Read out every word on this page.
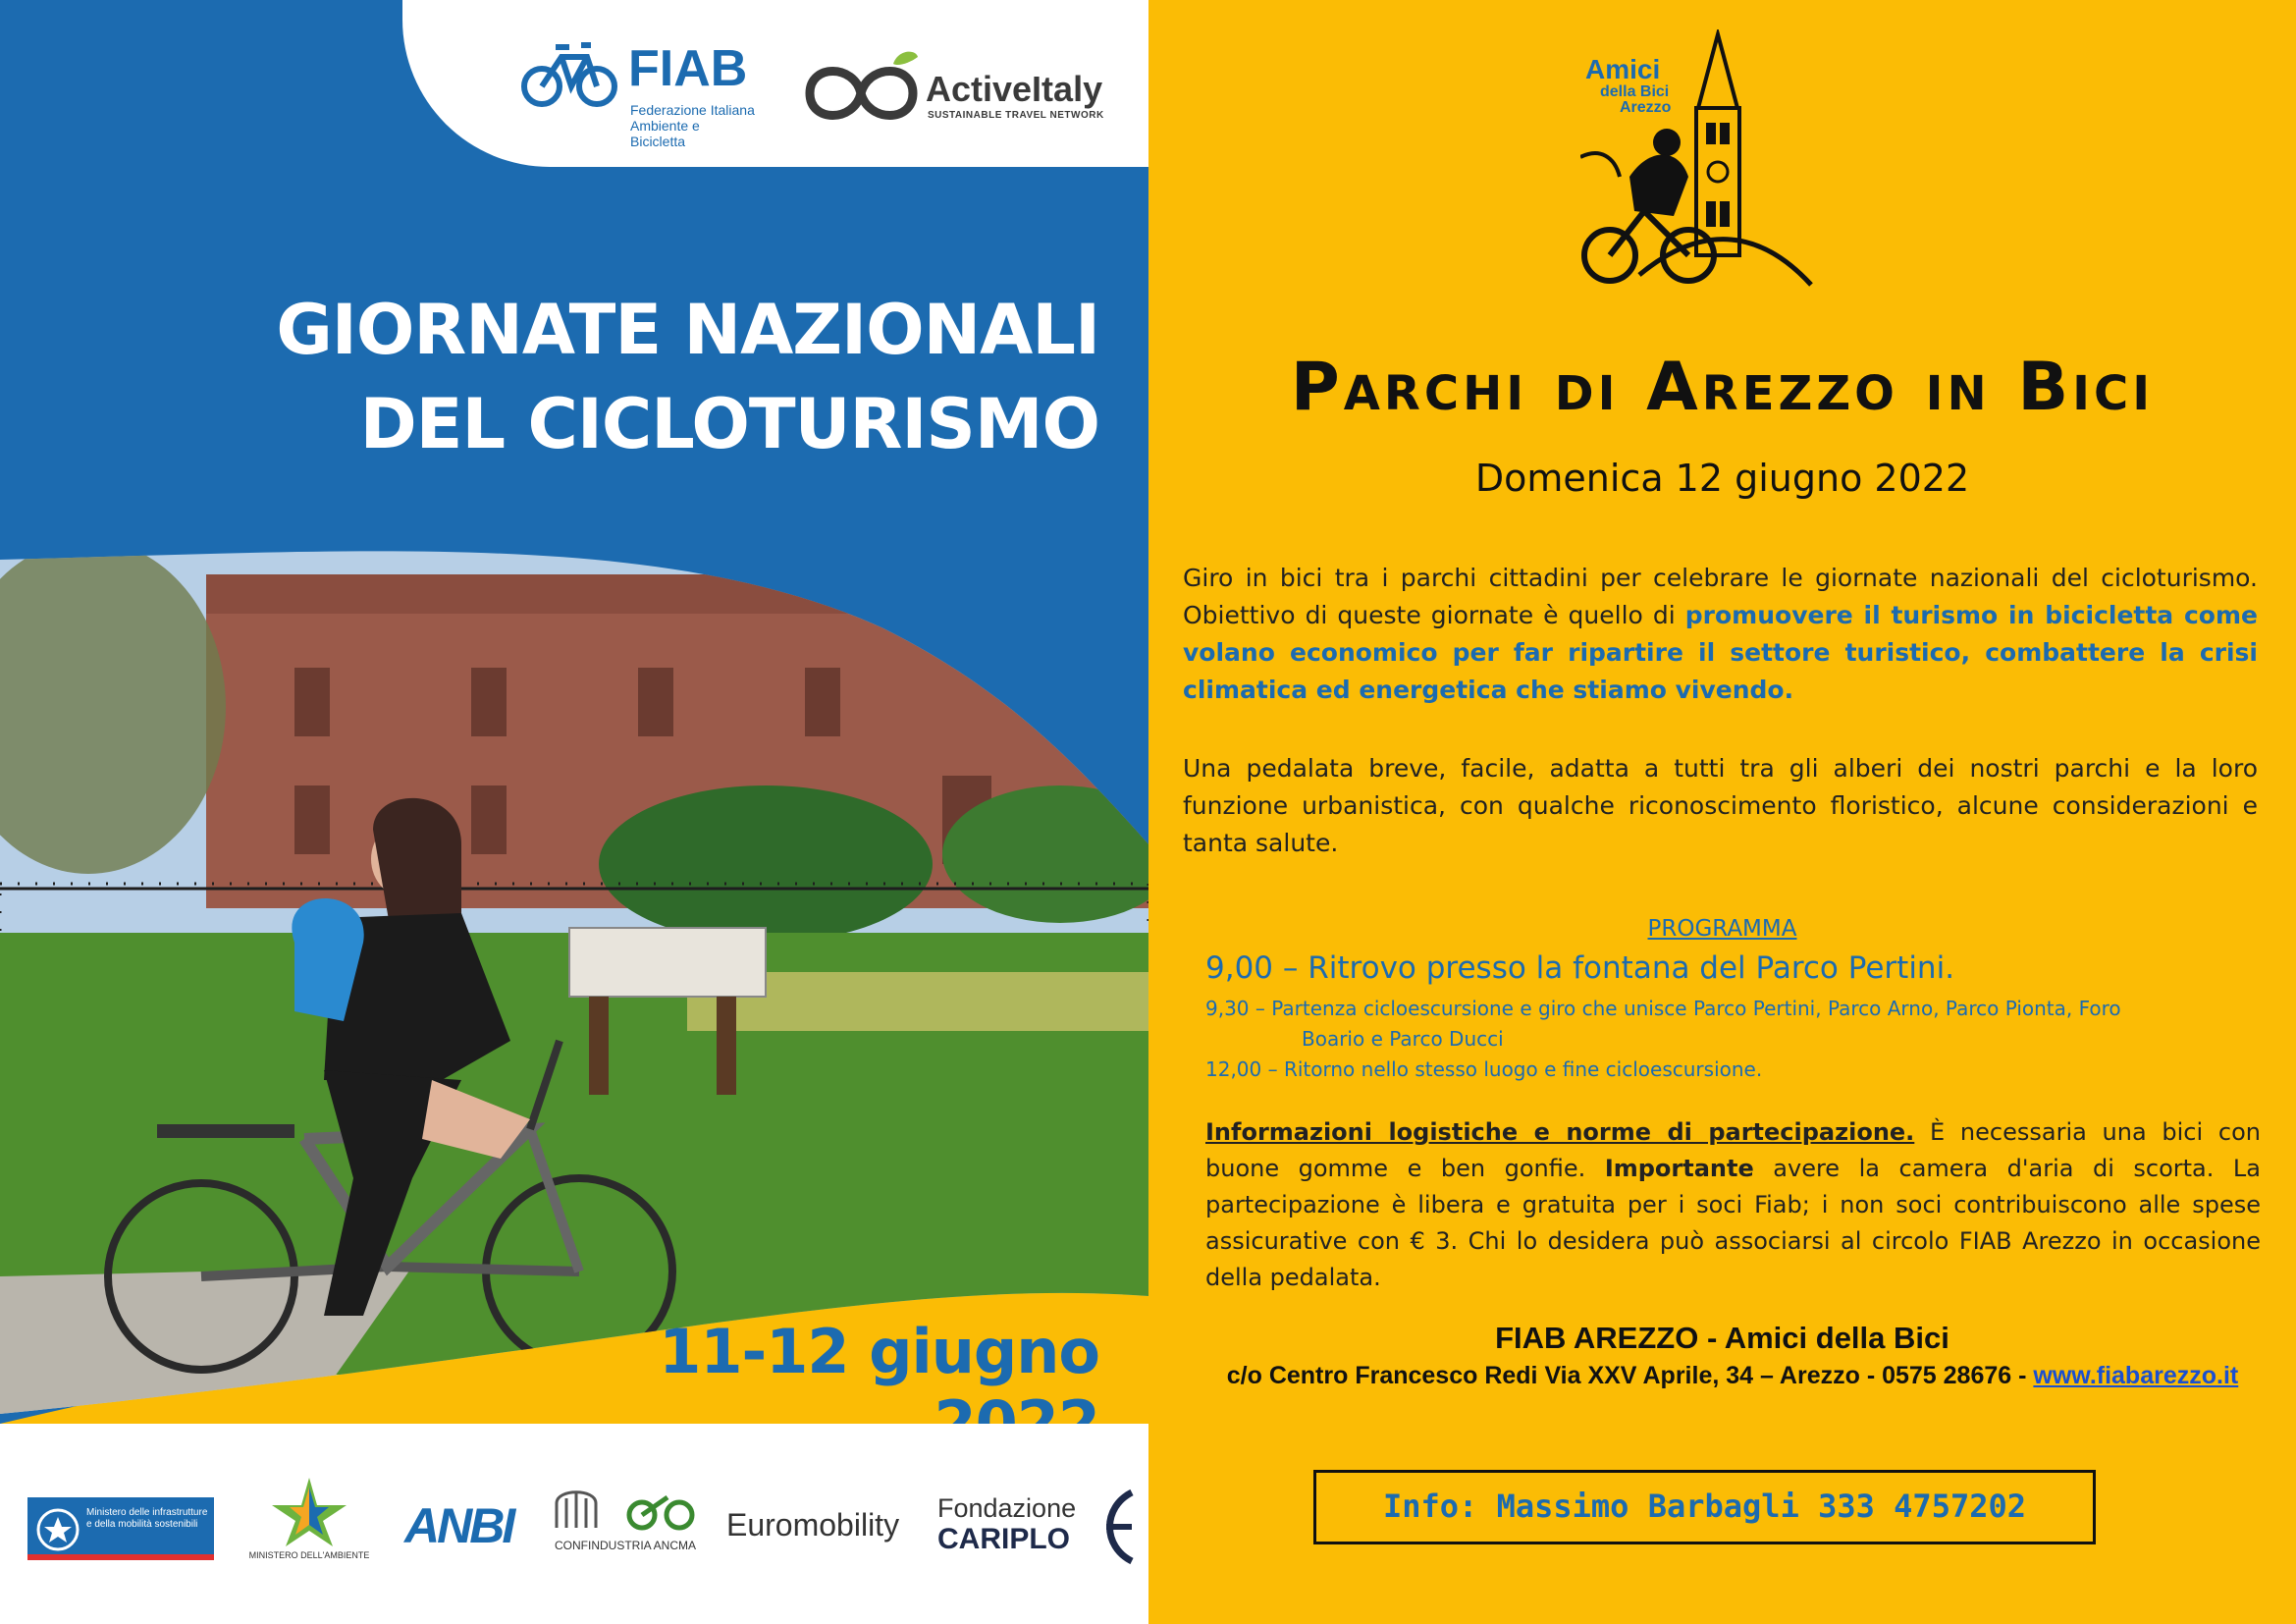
FIAB
Federazione Italiana
Ambiente e Bicicletta
ActiveItaly
SUSTAINABLE TRAVEL NETWORK
GIORNATE NAZIONALI
DEL CICLOTURISMO
11-12 giugno
Ministero delle infrastrutture e della mobilità sostenibili
MINISTERO DELL'AMBIENTE
ANBI	CONFINDUSTRIA ANCMA
Euromobility Fondazione
CARIPLO
Amici
della Bici
Arezzo
Parchi di Arezzo in Bici
Domenica 12 giugno 2022
Giro in bici tra i parchi cittadini per celebrare le giornate nazionali del cicloturismo. Obiettivo di queste giornate è quello di promuovere il turismo in bicicletta come volano economico per far ripartire il settore turistico, combattere la crisi climatica ed energetica che stiamo vivendo.
Una pedalata breve, facile, adatta a tutti tra gli alberi dei nostri parchi e la loro funzione urbanistica, con qualche riconoscimento floristico, alcune considerazioni e tanta salute.
PROGRAMMA
9,00 – Ritrovo presso la fontana del Parco Pertini.
9,30 – Partenza cicloescursione e giro che unisce Parco Pertini, Parco Arno, Parco Pionta, Foro
Boario e Parco Ducci
12,00 – Ritorno nello stesso luogo e fine cicloescursione.
Informazioni logistiche e norme di partecipazione. È necessaria una bici con buone gomme e ben gonfie. Importante avere la camera d'aria di scorta. La partecipazione è libera e gratuita per i soci Fiab; i non soci contribuiscono alle spese assicurative con € 3. Chi lo desidera può associarsi al circolo FIAB Arezzo in occasione della pedalata.
FIAB AREZZO - Amici della Bici
c/o Centro Francesco Redi Via XXV Aprile, 34 – Arezzo - 0575 28676 - www.fiabarezzo.it
Info: Massimo Barbagli 333 4757202
